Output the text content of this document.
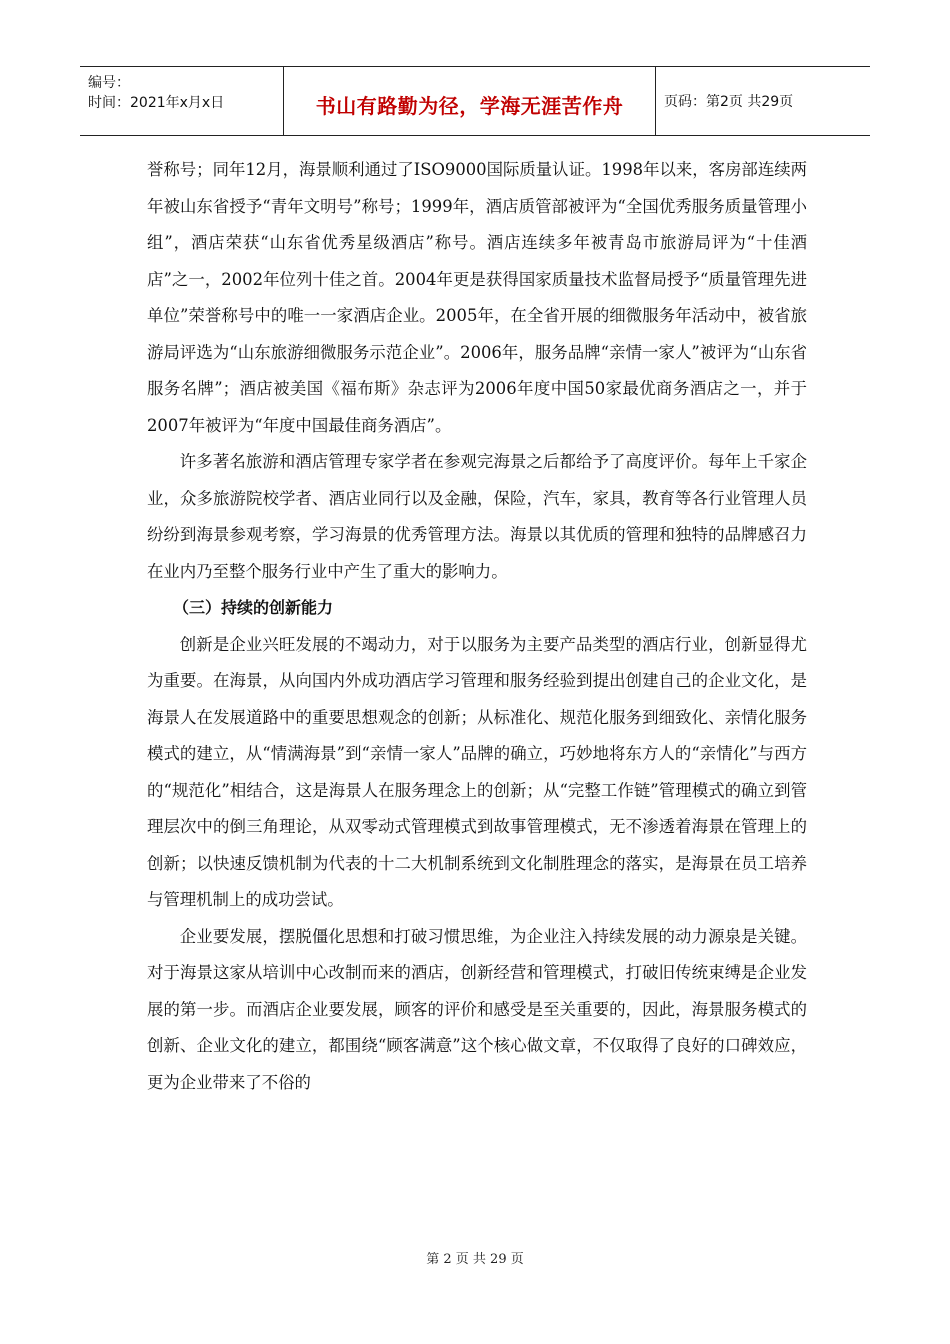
编号：
时间：2021年x月x日	书山有路勤为径，学海无涯苦作舟	页码：第2页 共29页

誉称号；同年12月，海景顺利通过了ISO9000国际质量认证。1998年以来，客房部连续两年被山东省授予“青年文明号”称号；1999年，酒店质管部被评为“全国优秀服务质量管理小组”，酒店荣获“山东省优秀星级酒店”称号。酒店连续多年被青岛市旅游局评为“十佳酒店”之一，2002年位列十佳之首。2004年更是获得国家质量技术监督局授予“质量管理先进单位”荣誉称号中的唯一一家酒店企业。2005年，在全省开展的细微服务年活动中，被省旅游局评选为“山东旅游细微服务示范企业”。2006年，服务品牌“亲情一家人”被评为“山东省服务名牌”；酒店被美国《福布斯》杂志评为2006年度中国50家最优商务酒店之一，并于2007年被评为“年度中国最佳商务酒店”。

许多著名旅游和酒店管理专家学者在参观完海景之后都给予了高度评价。每年上千家企业，众多旅游院校学者、酒店业同行以及金融，保险，汽车，家具，教育等各行业管理人员纷纷到海景参观考察，学习海景的优秀管理方法。海景以其优质的管理和独特的品牌感召力在业内乃至整个服务行业中产生了重大的影响力。

（三）持续的创新能力

创新是企业兴旺发展的不竭动力，对于以服务为主要产品类型的酒店行业，创新显得尤为重要。在海景，从向国内外成功酒店学习管理和服务经验到提出创建自己的企业文化，是海景人在发展道路中的重要思想观念的创新；从标准化、规范化服务到细致化、亲情化服务模式的建立，从“情满海景”到“亲情一家人”品牌的确立，巧妙地将东方人的“亲情化”与西方的“规范化”相结合，这是海景人在服务理念上的创新；从“完整工作链”管理模式的确立到管理层次中的倒三角理论，从双零动式管理模式到故事管理模式，无不渗透着海景在管理上的创新；以快速反馈机制为代表的十二大机制系统到文化制胜理念的落实，是海景在员工培养与管理机制上的成功尝试。

企业要发展，摆脱僵化思想和打破习惯思维，为企业注入持续发展的动力源泉是关键。对于海景这家从培训中心改制而来的酒店，创新经营和管理模式，打破旧传统束缚是企业发展的第一步。而酒店企业要发展，顾客的评价和感受是至关重要的，因此，海景服务模式的创新、企业文化的建立，都围绕“顾客满意”这个核心做文章，不仅取得了良好的口碑效应，更为企业带来了不俗的

第 2 页 共 29 页
